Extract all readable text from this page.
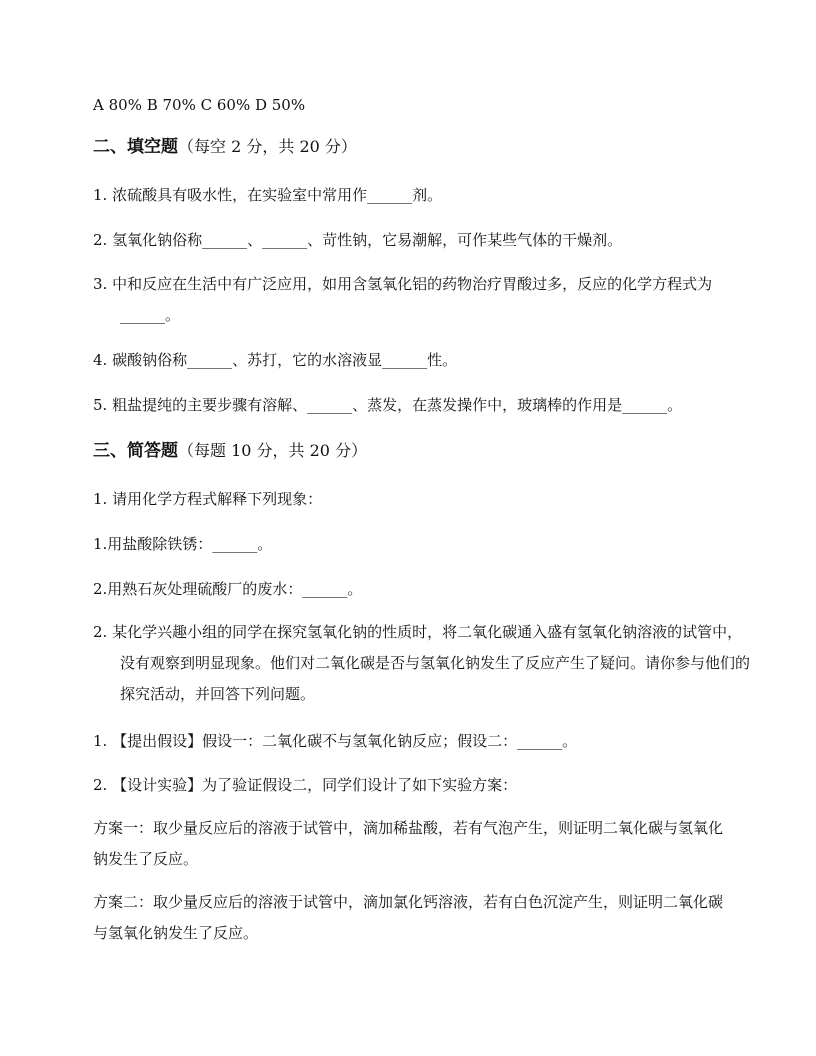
A 80% B 70% C 60% D 50%
二、填空题（每空 2 分，共 20 分）
1. 浓硫酸具有吸水性，在实验室中常用作______剂。
2. 氢氧化钠俗称______、______、苛性钠，它易潮解，可作某些气体的干燥剂。
3. 中和反应在生活中有广泛应用，如用含氢氧化铝的药物治疗胃酸过多，反应的化学方程式为______。
4. 碳酸钠俗称______、苏打，它的水溶液显______性。
5. 粗盐提纯的主要步骤有溶解、______、蒸发，在蒸发操作中，玻璃棒的作用是______。
三、简答题（每题 10 分，共 20 分）
1. 请用化学方程式解释下列现象：
1.用盐酸除铁锈：______。
2.用熟石灰处理硫酸厂的废水：______。
2. 某化学兴趣小组的同学在探究氢氧化钠的性质时，将二氧化碳通入盛有氢氧化钠溶液的试管中，没有观察到明显现象。他们对二氧化碳是否与氢氧化钠发生了反应产生了疑问。请你参与他们的探究活动，并回答下列问题。
1. 【提出假设】假设一：二氧化碳不与氢氧化钠反应；假设二：______。
2. 【设计实验】为了验证假设二，同学们设计了如下实验方案：
方案一：取少量反应后的溶液于试管中，滴加稀盐酸，若有气泡产生，则证明二氧化碳与氢氧化钠发生了反应。
方案二：取少量反应后的溶液于试管中，滴加氯化钙溶液，若有白色沉淀产生，则证明二氧化碳与氢氧化钠发生了反应。
